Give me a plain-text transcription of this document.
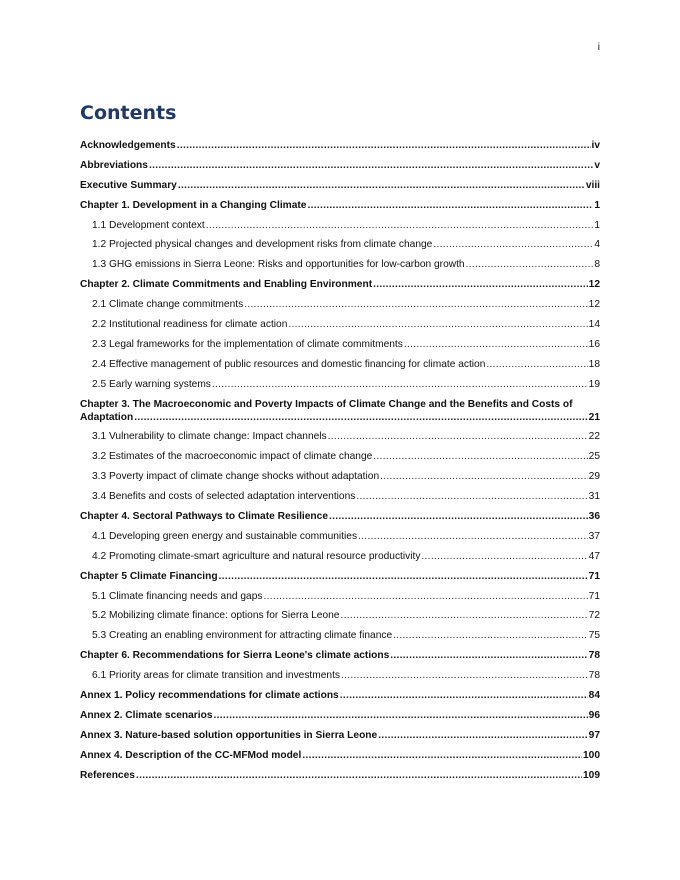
i
Contents
Acknowledgements .....	iv
Abbreviations .....	v
Executive Summary .....	viii
Chapter 1. Development in a Changing Climate .....	1
1.1 Development context .....	1
1.2 Projected physical changes and development risks from climate change .....	4
1.3 GHG emissions in Sierra Leone: Risks and opportunities for low-carbon growth .....	8
Chapter 2. Climate Commitments and Enabling Environment .....	12
2.1 Climate change commitments .....	12
2.2 Institutional readiness for climate action .....	14
2.3 Legal frameworks for the implementation of climate commitments .....	16
2.4 Effective management of public resources and domestic financing for climate action .....	18
2.5 Early warning systems .....	19
Chapter 3. The Macroeconomic and Poverty Impacts of Climate Change and the Benefits and Costs of
Adaptation .....	21
3.1 Vulnerability to climate change: Impact channels .....	22
3.2 Estimates of the macroeconomic impact of climate change .....	25
3.3 Poverty impact of climate change shocks without adaptation .....	29
3.4 Benefits and costs of selected adaptation interventions .....	31
Chapter 4. Sectoral Pathways to Climate Resilience .....	36
4.1 Developing green energy and sustainable communities .....	37
4.2 Promoting climate-smart agriculture and natural resource productivity .....	47
Chapter 5 Climate Financing .....	71
5.1 Climate financing needs and gaps .....	71
5.2 Mobilizing climate finance: options for Sierra Leone .....	72
5.3 Creating an enabling environment for attracting climate finance .....	75
Chapter 6. Recommendations for Sierra Leone's climate actions .....	78
6.1 Priority areas for climate transition and investments .....	78
Annex 1. Policy recommendations for climate actions .....	84
Annex 2. Climate scenarios .....	96
Annex 3. Nature-based solution opportunities in Sierra Leone .....	97
Annex 4. Description of the CC-MFMod model .....	100
References .....	109
